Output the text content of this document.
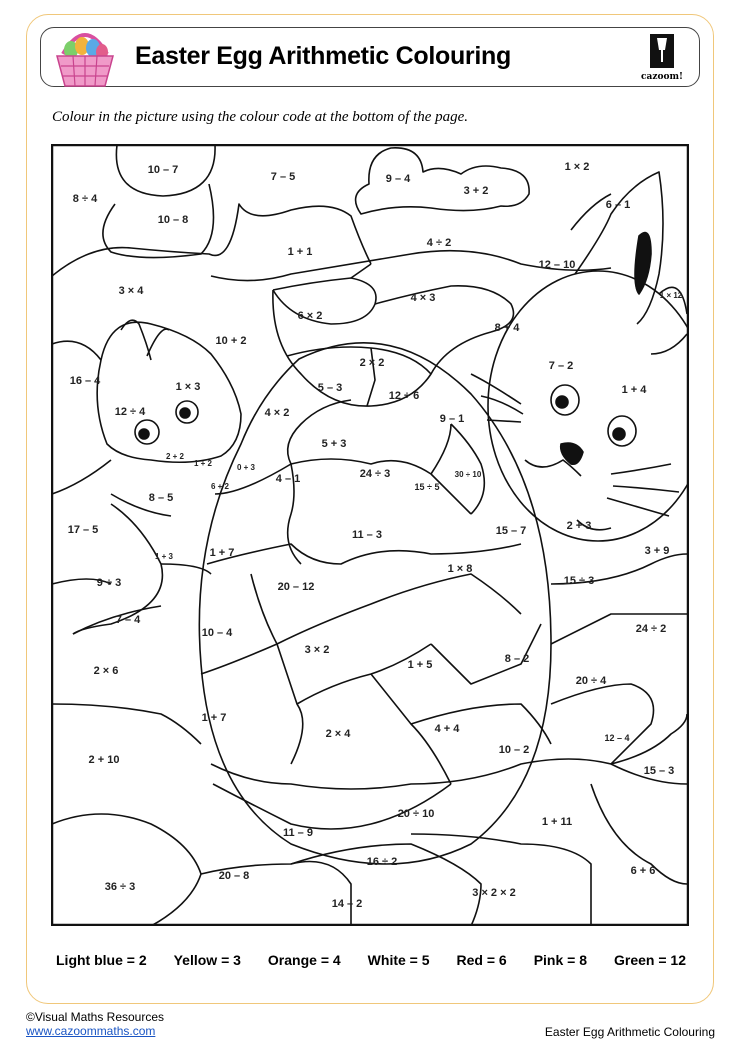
Easter Egg Arithmetic Colouring
cazoom!
Colour in the picture using the colour code at the bottom of the page.
10 – 7
8 ÷ 4
7 – 5	9 – 4
3 + 2
1 × 2
6 – 1
10 – 8
1 + 1
4 ÷ 2
12 – 10
3 × 4
4 × 3	1 × 12
6 × 2
8 + 4
10 + 2
2 × 2	7 – 2
16 – 4	1 × 3	5 – 3
12 ÷ 6	1 + 4
12 ÷ 4	4 × 2	9 – 1
5 + 3
2 + 2
1 + 2	0 + 3
24 ÷ 3	30 ÷ 10
4 – 1
6 + 2	15 ÷ 5
8 – 5
17 – 5	11 – 3	15 – 7	2 + 3
1 + 3	1 + 7	3 + 9
1 × 8
9 ÷ 3	20 – 12	15 ÷ 3
7 – 4
10 – 4	24 ÷ 2
3 × 2
8 – 2
1 + 5
2 × 6
20 ÷ 4
1 + 7
2 × 4	4 + 4
12 – 4
10 – 2
2 + 10
15 – 3
20 ÷ 10
1 + 11
11 – 9
16 ÷ 2
6 + 6
20 – 8
36 ÷ 3	3 × 2 × 2
14 – 2
Light blue = 2 Yellow = 3 Orange = 4 White = 5 Red = 6 Pink = 8 Green = 12
©Visual Maths Resources
www.cazoommaths.com	Easter Egg Arithmetic Colouring
